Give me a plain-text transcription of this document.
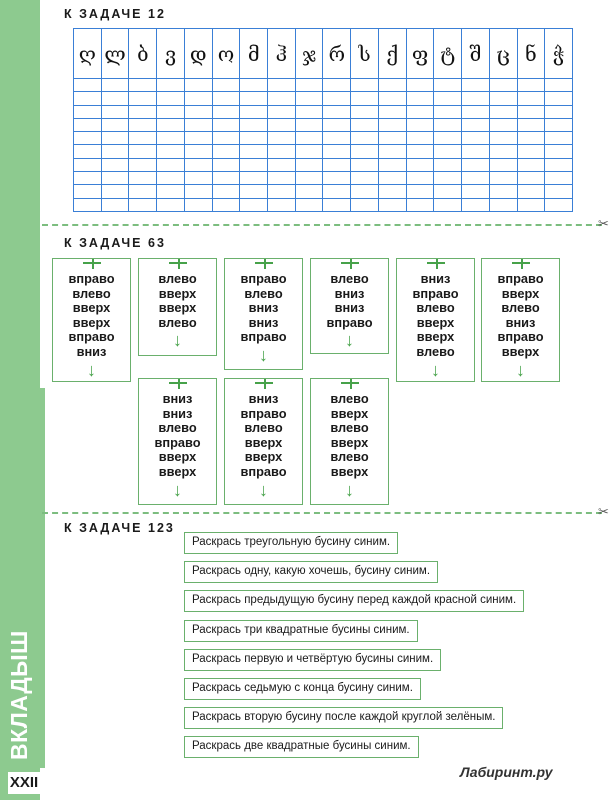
ВКЛАДЫШ
XXII
К ЗАДАЧЕ 12
ღ	ლ	ბ	ვ	დ	ო	მ	ჰ	ჯ	რ	ს	ქ	ფ	ტ	შ	ც	ნ	ჭ

✂
К ЗАДАЧЕ 63
вправо
влево
вверх
вверх
вправо
вниз
↓
влево
вверх
вверх
влево
↓
вправо
влево
вниз
вниз
вправо
↓
влево
вниз
вниз
вправо
↓
вниз
вправо
влево
вверх
вверх
влево
↓
вправо
вверх
влево
вниз
вправо
вверх
↓
вниз
вниз
влево
вправо
вверх
вверх
↓
вниз
вправо
влево
вверх
вверх
вправо
↓
влево
вверх
влево
вверх
влево
вверх
↓
✂
К ЗАДАЧЕ 123
Раскрась треугольную бусину синим.
Раскрась одну, какую хочешь, бусину синим.
Раскрась предыдущую бусину перед каждой красной синим.
Раскрась три квадратные бусины синим.
Раскрась первую и четвёртую бусины синим.
Раскрась седьмую с конца бусину синим.
Раскрась вторую бусину после каждой круглой зелёным.
Раскрась две квадратные бусины синим.
Лабиринт.ру
